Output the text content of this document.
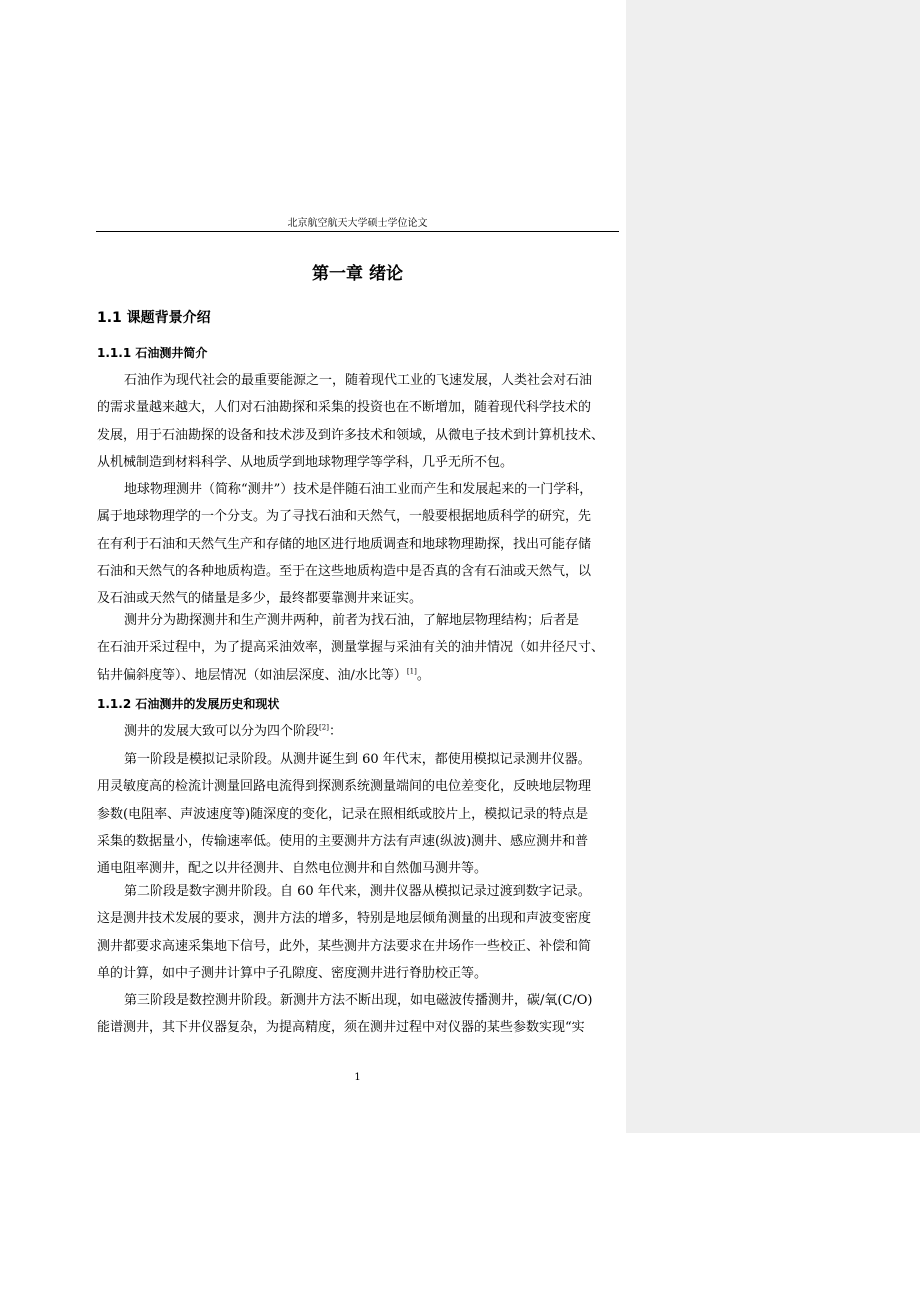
北京航空航天大学硕士学位论文
第一章 绪论
1.1 课题背景介绍
1.1.1 石油测井简介
石油作为现代社会的最重要能源之一，随着现代工业的飞速发展，人类社会对石油
的需求量越来越大，人们对石油勘探和采集的投资也在不断增加，随着现代科学技术的
发展，用于石油勘探的设备和技术涉及到许多技术和领域，从微电子技术到计算机技术、
从机械制造到材料科学、从地质学到地球物理学等学科，几乎无所不包。
地球物理测井（简称“测井”）技术是伴随石油工业而产生和发展起来的一门学科，
属于地球物理学的一个分支。为了寻找石油和天然气，一般要根据地质科学的研究，先
在有利于石油和天然气生产和存储的地区进行地质调查和地球物理勘探，找出可能存储
石油和天然气的各种地质构造。至于在这些地质构造中是否真的含有石油或天然气，以
及石油或天然气的储量是多少，最终都要靠测井来证实。
测井分为勘探测井和生产测井两种，前者为找石油，了解地层物理结构；后者是
在石油开采过程中，为了提高采油效率，测量掌握与采油有关的油井情况（如井径尺寸、
钻井偏斜度等）、地层情况（如油层深度、油/水比等）[1]。
1.1.2 石油测井的发展历史和现状
测井的发展大致可以分为四个阶段[2]：
第一阶段是模拟记录阶段。从测井诞生到 60 年代末，都使用模拟记录测井仪器。
用灵敏度高的检流计测量回路电流得到探测系统测量端间的电位差变化，反映地层物理
参数(电阻率、声波速度等)随深度的变化，记录在照相纸或胶片上，模拟记录的特点是
采集的数据量小，传输速率低。使用的主要测井方法有声速(纵波)测井、感应测井和普
通电阻率测井，配之以井径测井、自然电位测井和自然伽马测井等。
第二阶段是数字测井阶段。自 60 年代来，测井仪器从模拟记录过渡到数字记录。
这是测井技术发展的要求，测井方法的增多，特别是地层倾角测量的出现和声波变密度
测井都要求高速采集地下信号，此外，某些测井方法要求在井场作一些校正、补偿和简
单的计算，如中子测井计算中子孔隙度、密度测井进行脊肋校正等。
第三阶段是数控测井阶段。新测井方法不断出现，如电磁波传播测井，碳/氧(C/O)
能谱测井，其下井仪器复杂，为提高精度，须在测井过程中对仪器的某些参数实现“实
1
